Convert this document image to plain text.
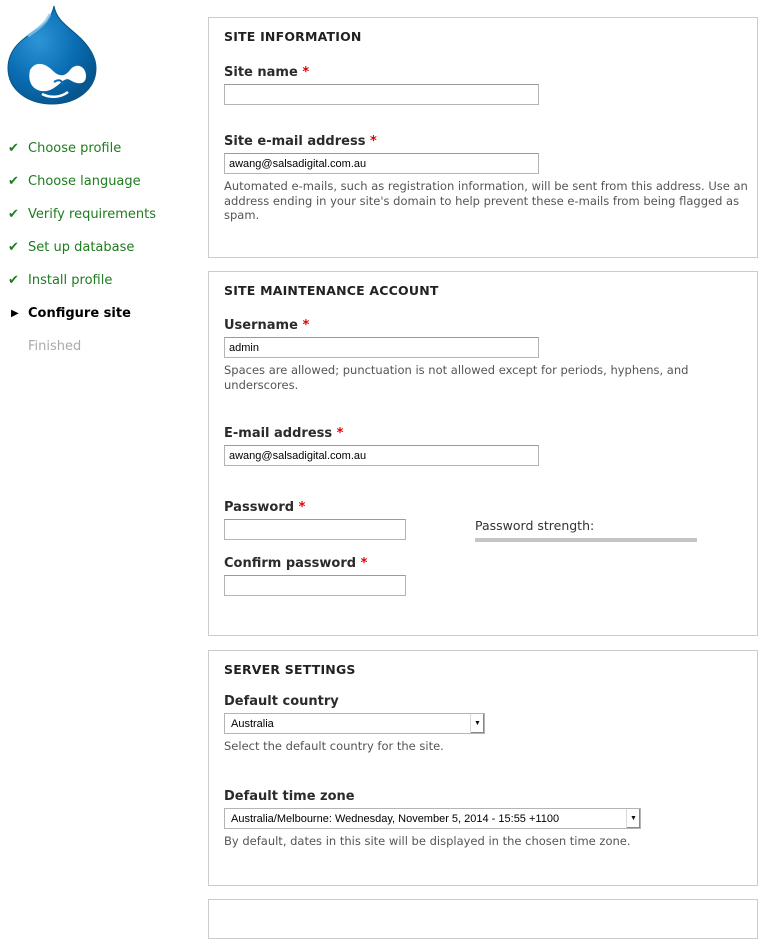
✔ Choose profile
✔ Choose language
✔ Verify requirements
✔ Set up database
✔ Install profile
▶ Configure site
Finished
SITE INFORMATION
Site name *
Site e-mail address *
awang@salsadigital.com.au
Automated e-mails, such as registration information, will be sent from this address. Use an address ending in your site's domain to help prevent these e-mails from being flagged as spam.
SITE MAINTENANCE ACCOUNT
Username *
admin
Spaces are allowed; punctuation is not allowed except for periods, hyphens, and underscores.
E-mail address *
awang@salsadigital.com.au
Password *
Password strength:
Confirm password *
SERVER SETTINGS
Default country
Australia	▼
Select the default country for the site.
Default time zone
Australia/Melbourne: Wednesday, November 5, 2014 - 15:55 +1100	▼
By default, dates in this site will be displayed in the chosen time zone.
